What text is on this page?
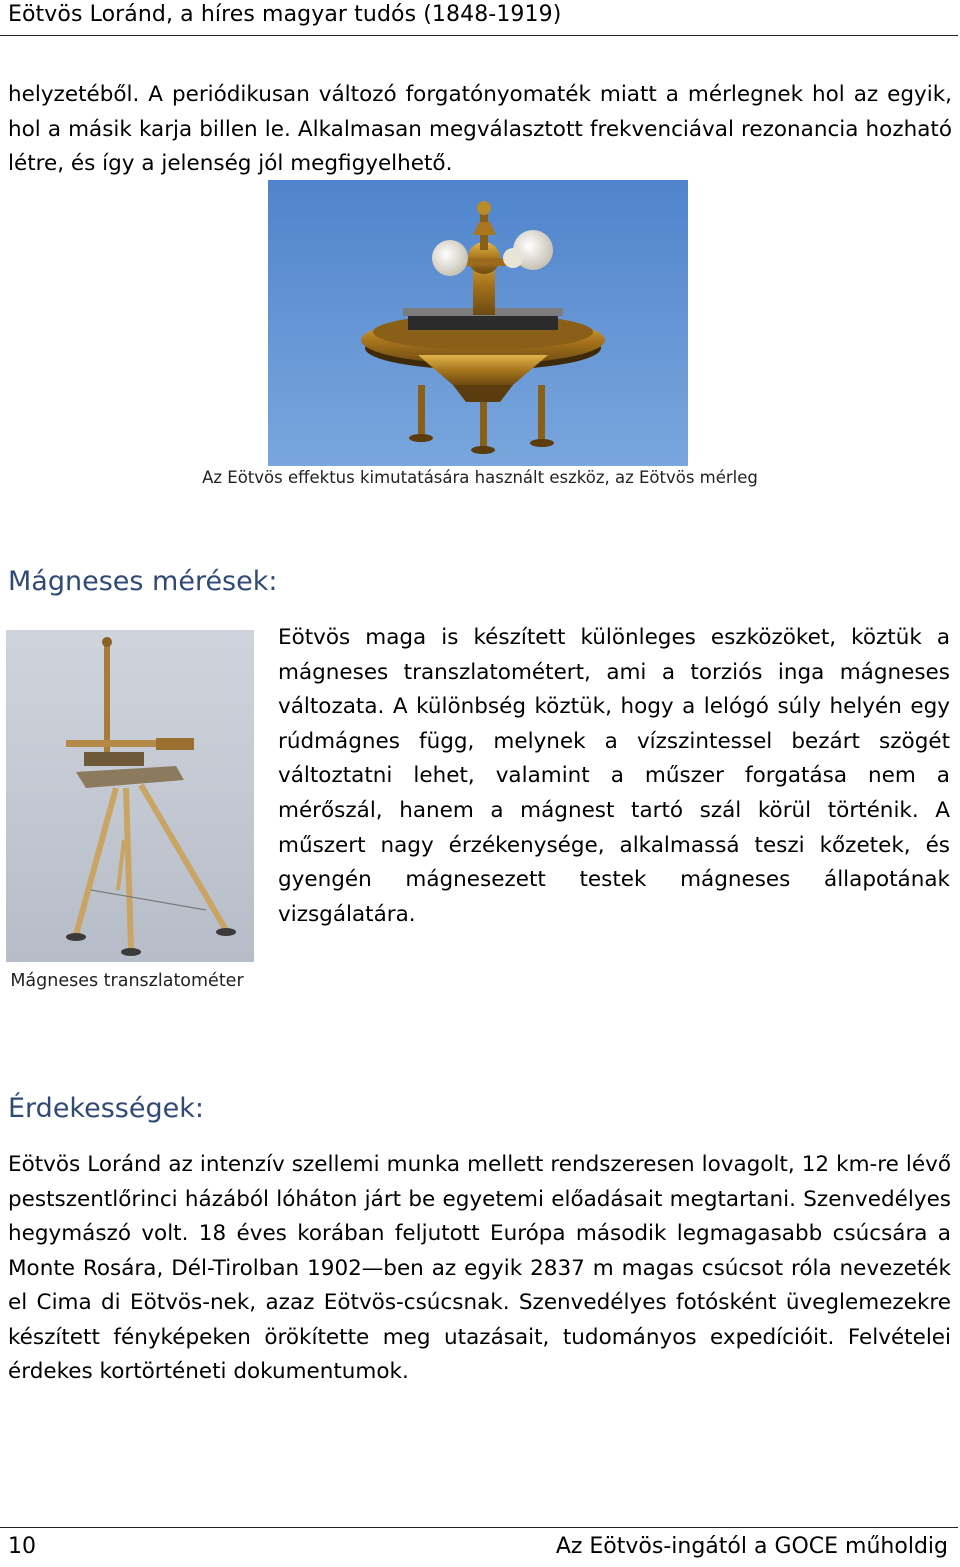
Eötvös Loránd, a híres magyar tudós (1848-1919)

helyzetéből. A periódikusan változó forgatónyomaték miatt a mérlegnek hol az egyik, hol a másik karja billen le. Alkalmasan megválasztott frekvenciával rezonancia hozható létre, és így a jelenség jól megfigyelhető.

Az Eötvös effektus kimutatására használt eszköz, az Eötvös mérleg
Mágneses mérések:
Mágneses transzlatométer

Eötvös maga is készített különleges eszközöket, köztük a mágneses transzlatométert, ami a torziós inga mágneses változata. A különbség köztük, hogy a lelógó súly helyén egy rúdmágnes függ, melynek a vízszintessel bezárt szögét változtatni lehet, valamint a műszer forgatása nem a mérőszál, hanem a mágnest tartó szál körül történik. A műszert nagy érzékenysége, alkalmassá teszi kőzetek, és gyengén mágnesezett testek mágneses állapotának vizsgálatára.

Érdekességek:

Eötvös Loránd az intenzív szellemi munka mellett rendszeresen lovagolt, 12 km-re lévő pestszentlőrinci házából lóháton járt be egyetemi előadásait megtartani. Szenvedélyes hegymászó volt. 18 éves korában feljutott Európa második legmagasabb csúcsára a Monte Rosára, Dél-Tirolban 1902—ben az egyik 2837 m magas csúcsot róla nevezeték el Cima di Eötvös-nek, azaz Eötvös-csúcsnak. Szenvedélyes fotósként üveglemezekre készített fényképeken örökítette meg utazásait, tudományos expedícióit. Felvételei érdekes kortörténeti dokumentumok.

10	Az Eötvös-ingától a GOCE műholdig
